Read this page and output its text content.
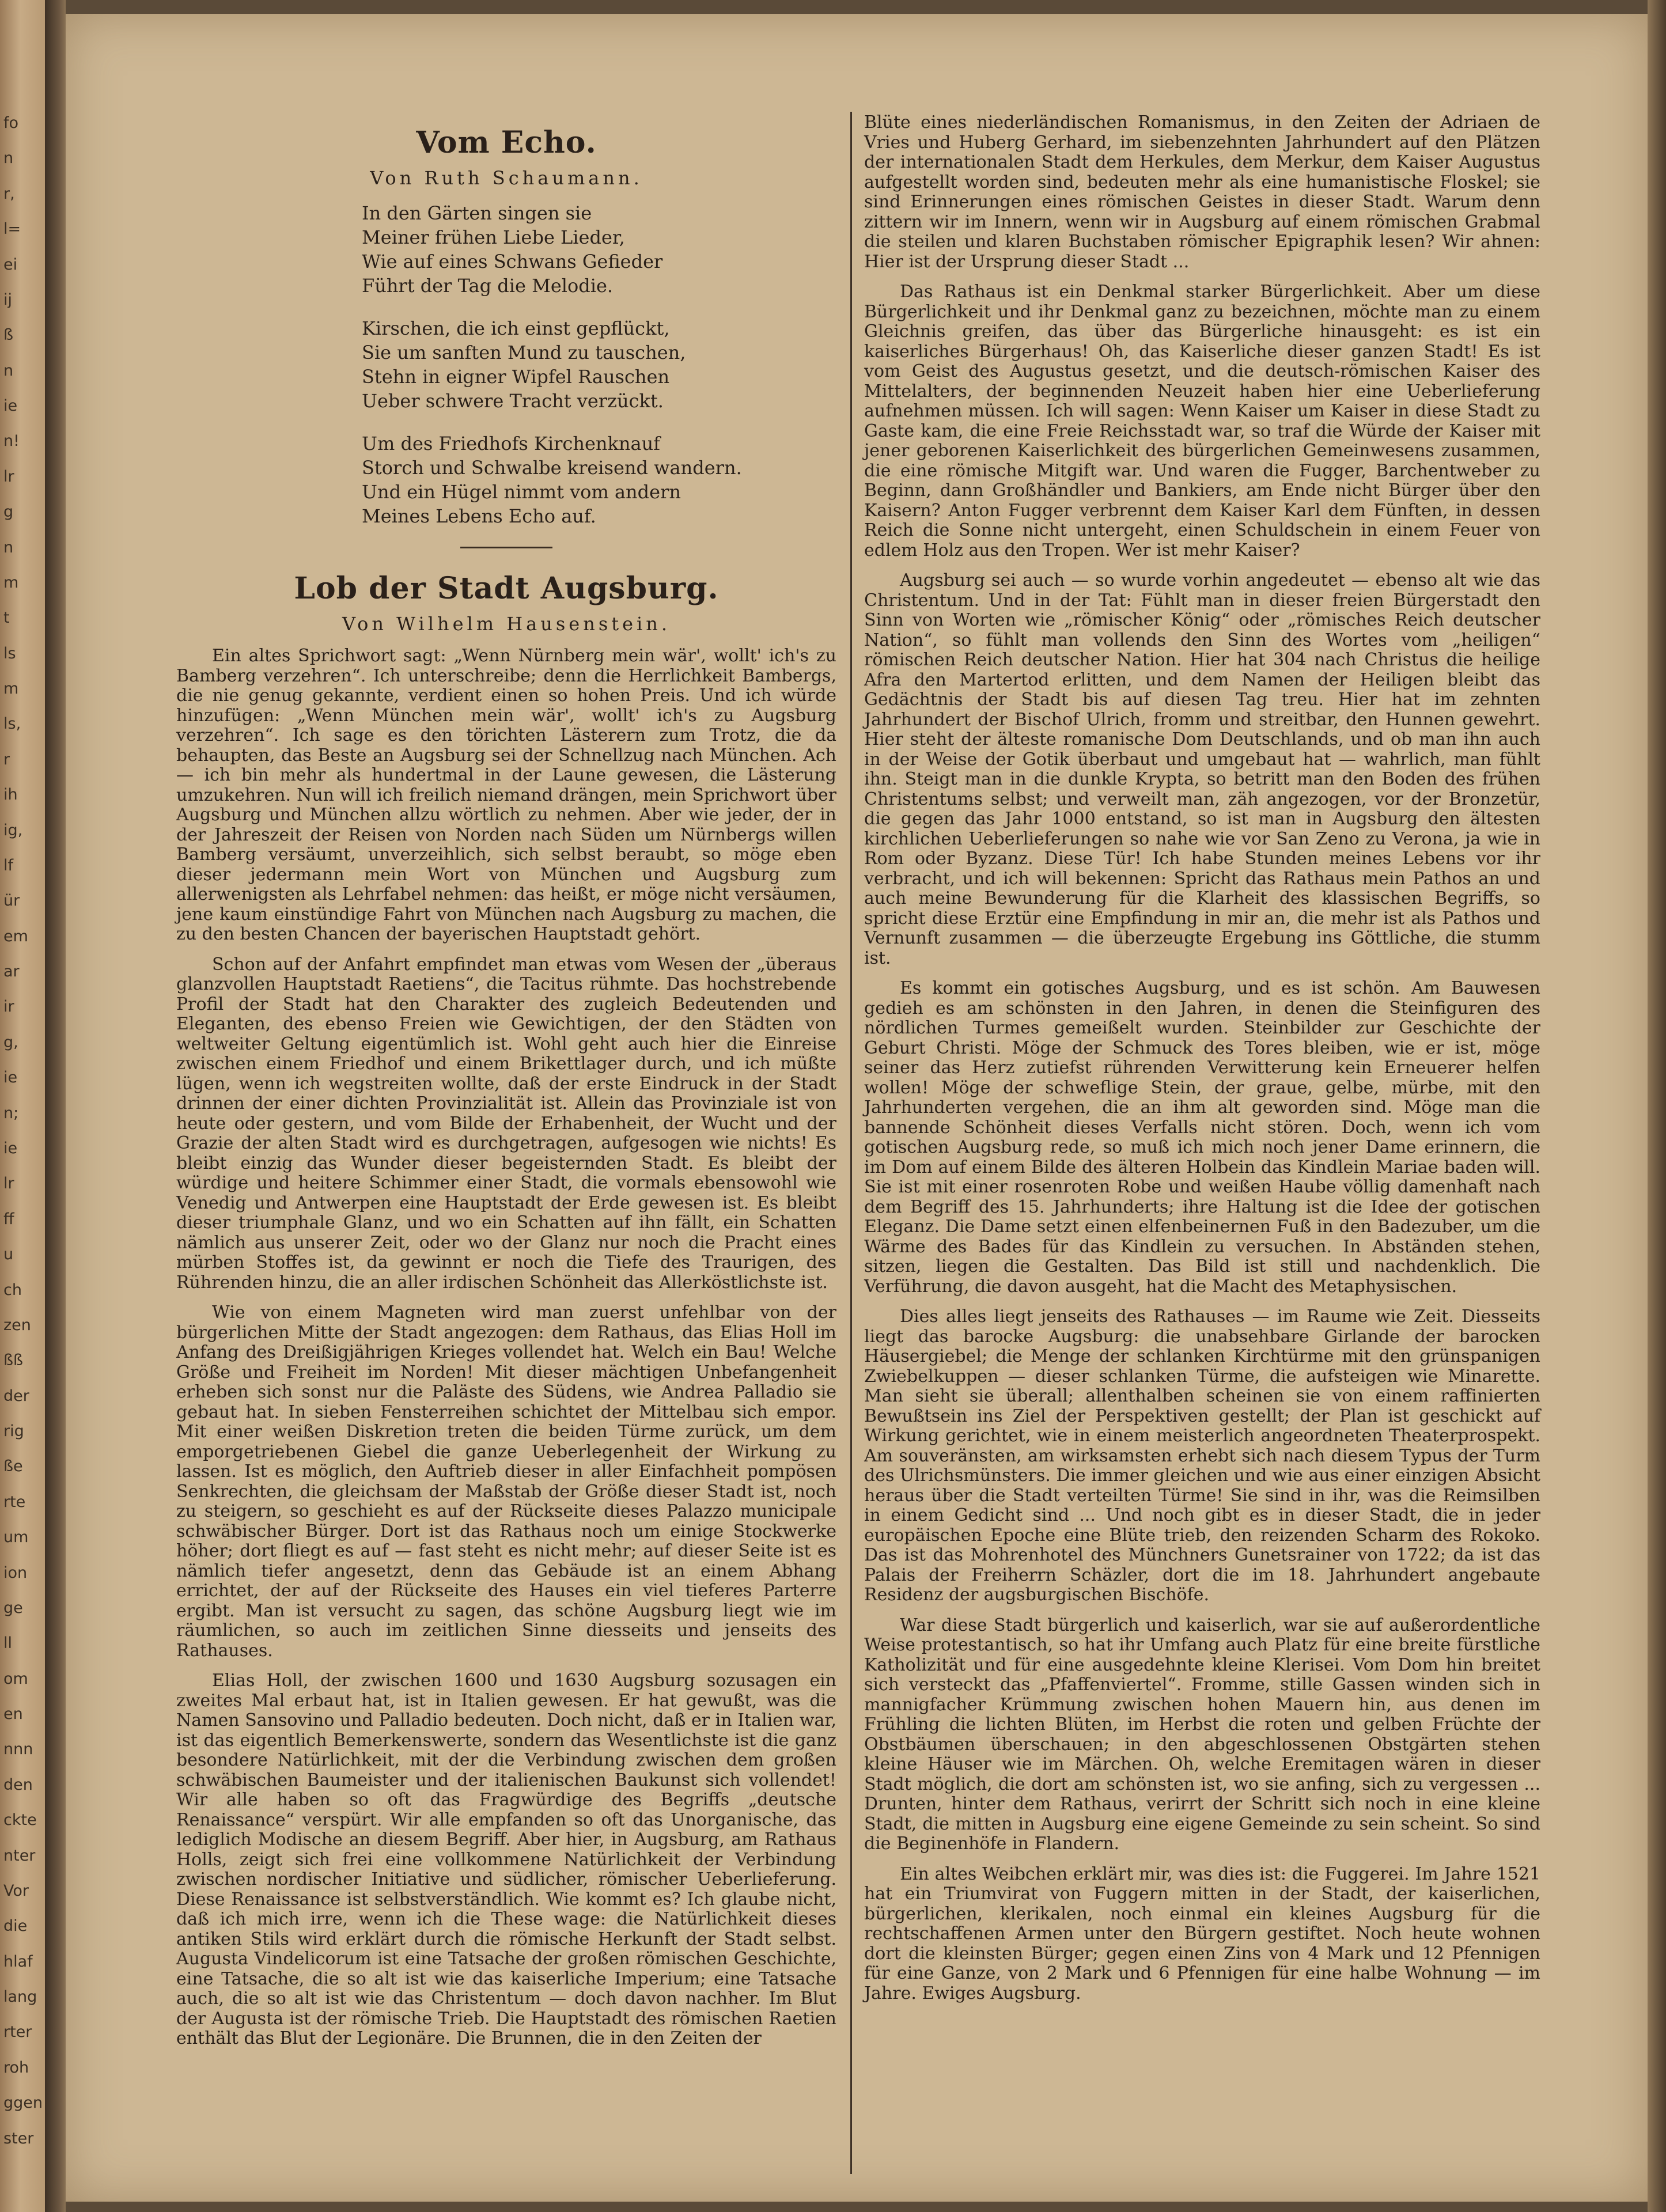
fo
n
r,
l=
ei
ij
ß
n
ie
n!
lr
g
n
m
t
ls
m
ls,
r
ih
ig,
lf
ür
em
ar
ir
g,
ie
n;
ie
lr
ff
u
ch
zen
ßß
der
rig
ße
rte
um
ion
ge
ll
om
en
nnn
den
ckte
nter
Vor
die
hlaf
lang
rter
roh
ggen
ster
Vom Echo.
Von Ruth Schaumann.

In den Gärten singen sie

Meiner frühen Liebe Lieder,

Wie auf eines Schwans Gefieder

Führt der Tag die Melodie.

Kirschen, die ich einst gepflückt,

Sie um sanften Mund zu tauschen,

Stehn in eigner Wipfel Rauschen

Ueber schwere Tracht verzückt.

Um des Friedhofs Kirchenknauf

Storch und Schwalbe kreisend wandern.

Und ein Hügel nimmt vom andern

Meines Lebens Echo auf.

Lob der Stadt Augsburg.
Von Wilhelm Hausenstein.

Ein altes Sprichwort sagt: „Wenn Nürnberg mein wär', wollt' ich's zu Bamberg verzehren“. Ich unterschreibe; denn die Herrlichkeit Bambergs, die nie genug gekannte, verdient einen so hohen Preis. Und ich würde hinzufügen: „Wenn München mein wär', wollt' ich's zu Augsburg verzehren“. Ich sage es den törichten Lästerern zum Trotz, die da behaupten, das Beste an Augsburg sei der Schnellzug nach München. Ach — ich bin mehr als hundertmal in der Laune gewesen, die Lästerung umzukehren. Nun will ich freilich niemand drängen, mein Sprichwort über Augsburg und München allzu wörtlich zu nehmen. Aber wie jeder, der in der Jahreszeit der Reisen von Norden nach Süden um Nürnbergs willen Bamberg versäumt, unverzeihlich, sich selbst beraubt, so möge eben dieser jedermann mein Wort von München und Augsburg zum allerwenigsten als Lehrfabel nehmen: das heißt, er möge nicht versäumen, jene kaum einstündige Fahrt von München nach Augsburg zu machen, die zu den besten Chancen der bayerischen Hauptstadt gehört.

Schon auf der Anfahrt empfindet man etwas vom Wesen der „überaus glanzvollen Hauptstadt Raetiens“, die Tacitus rühmte. Das hochstrebende Profil der Stadt hat den Charakter des zugleich Bedeutenden und Eleganten, des ebenso Freien wie Gewichtigen, der den Städten von weltweiter Geltung eigentümlich ist. Wohl geht auch hier die Einreise zwischen einem Friedhof und einem Brikettlager durch, und ich müßte lügen, wenn ich wegstreiten wollte, daß der erste Eindruck in der Stadt drinnen der einer dichten Provinzialität ist. Allein das Provinziale ist von heute oder gestern, und vom Bilde der Erhabenheit, der Wucht und der Grazie der alten Stadt wird es durchgetragen, aufgesogen wie nichts! Es bleibt einzig das Wunder dieser begeisternden Stadt. Es bleibt der würdige und heitere Schimmer einer Stadt, die vormals ebensowohl wie Venedig und Antwerpen eine Hauptstadt der Erde gewesen ist. Es bleibt dieser triumphale Glanz, und wo ein Schatten auf ihn fällt, ein Schatten nämlich aus unserer Zeit, oder wo der Glanz nur noch die Pracht eines mürben Stoffes ist, da gewinnt er noch die Tiefe des Traurigen, des Rührenden hinzu, die an aller irdischen Schönheit das Allerköstlichste ist.

Wie von einem Magneten wird man zuerst unfehlbar von der bürgerlichen Mitte der Stadt angezogen: dem Rathaus, das Elias Holl im Anfang des Dreißigjährigen Krieges vollendet hat. Welch ein Bau! Welche Größe und Freiheit im Norden! Mit dieser mächtigen Unbefangenheit erheben sich sonst nur die Paläste des Südens, wie Andrea Palladio sie gebaut hat. In sieben Fensterreihen schichtet der Mittelbau sich empor. Mit einer weißen Diskretion treten die beiden Türme zurück, um dem emporgetriebenen Giebel die ganze Ueberlegenheit der Wirkung zu lassen. Ist es möglich, den Auftrieb dieser in aller Einfachheit pompösen Senkrechten, die gleichsam der Maßstab der Größe dieser Stadt ist, noch zu steigern, so geschieht es auf der Rückseite dieses Palazzo municipale schwäbischer Bürger. Dort ist das Rathaus noch um einige Stockwerke höher; dort fliegt es auf — fast steht es nicht mehr; auf dieser Seite ist es nämlich tiefer angesetzt, denn das Gebäude ist an einem Abhang errichtet, der auf der Rückseite des Hauses ein viel tieferes Parterre ergibt. Man ist versucht zu sagen, das schöne Augsburg liegt wie im räumlichen, so auch im zeitlichen Sinne diesseits und jenseits des Rathauses.

Elias Holl, der zwischen 1600 und 1630 Augsburg sozusagen ein zweites Mal erbaut hat, ist in Italien gewesen. Er hat gewußt, was die Namen Sansovino und Palladio bedeuten. Doch nicht, daß er in Italien war, ist das eigentlich Bemerkenswerte, sondern das Wesentlichste ist die ganz besondere Natürlichkeit, mit der die Verbindung zwischen dem großen schwäbischen Baumeister und der italienischen Baukunst sich vollendet! Wir alle haben so oft das Fragwürdige des Begriffs „deutsche Renaissance“ verspürt. Wir alle empfanden so oft das Unorganische, das lediglich Modische an diesem Begriff. Aber hier, in Augsburg, am Rathaus Holls, zeigt sich frei eine vollkommene Natürlichkeit der Verbindung zwischen nordischer Initiative und südlicher, römischer Ueberlieferung. Diese Renaissance ist selbstverständlich. Wie kommt es? Ich glaube nicht, daß ich mich irre, wenn ich die These wage: die Natürlichkeit dieses antiken Stils wird erklärt durch die römische Herkunft der Stadt selbst. Augusta Vindelicorum ist eine Tatsache der großen römischen Geschichte, eine Tatsache, die so alt ist wie das kaiserliche Imperium; eine Tatsache auch, die so alt ist wie das Christentum — doch davon nachher. Im Blut der Augusta ist der römische Trieb. Die Hauptstadt des römischen Raetien enthält das Blut der Legionäre. Die Brunnen, die in den Zeiten der

Blüte eines niederländischen Romanismus, in den Zeiten der Adriaen de Vries und Huberg Gerhard, im siebenzehnten Jahrhundert auf den Plätzen der internationalen Stadt dem Herkules, dem Merkur, dem Kaiser Augustus aufgestellt worden sind, bedeuten mehr als eine humanistische Floskel; sie sind Erinnerungen eines römischen Geistes in dieser Stadt. Warum denn zittern wir im Innern, wenn wir in Augsburg auf einem römischen Grabmal die steilen und klaren Buchstaben römischer Epigraphik lesen? Wir ahnen: Hier ist der Ursprung dieser Stadt ...

Das Rathaus ist ein Denkmal starker Bürgerlichkeit. Aber um diese Bürgerlichkeit und ihr Denkmal ganz zu bezeichnen, möchte man zu einem Gleichnis greifen, das über das Bürgerliche hinausgeht: es ist ein kaiserliches Bürgerhaus! Oh, das Kaiserliche dieser ganzen Stadt! Es ist vom Geist des Augustus gesetzt, und die deutsch-römischen Kaiser des Mittelalters, der beginnenden Neuzeit haben hier eine Ueberlieferung aufnehmen müssen. Ich will sagen: Wenn Kaiser um Kaiser in diese Stadt zu Gaste kam, die eine Freie Reichsstadt war, so traf die Würde der Kaiser mit jener geborenen Kaiserlichkeit des bürgerlichen Gemeinwesens zusammen, die eine römische Mitgift war. Und waren die Fugger, Barchentweber zu Beginn, dann Großhändler und Bankiers, am Ende nicht Bürger über den Kaisern? Anton Fugger verbrennt dem Kaiser Karl dem Fünften, in dessen Reich die Sonne nicht untergeht, einen Schuldschein in einem Feuer von edlem Holz aus den Tropen. Wer ist mehr Kaiser?

Augsburg sei auch — so wurde vorhin angedeutet — ebenso alt wie das Christentum. Und in der Tat: Fühlt man in dieser freien Bürgerstadt den Sinn von Worten wie „römischer König“ oder „römisches Reich deutscher Nation“, so fühlt man vollends den Sinn des Wortes vom „heiligen“ römischen Reich deutscher Nation. Hier hat 304 nach Christus die heilige Afra den Martertod erlitten, und dem Namen der Heiligen bleibt das Gedächtnis der Stadt bis auf diesen Tag treu. Hier hat im zehnten Jahrhundert der Bischof Ulrich, fromm und streitbar, den Hunnen gewehrt. Hier steht der älteste romanische Dom Deutschlands, und ob man ihn auch in der Weise der Gotik überbaut und umgebaut hat — wahrlich, man fühlt ihn. Steigt man in die dunkle Krypta, so betritt man den Boden des frühen Christentums selbst; und verweilt man, zäh angezogen, vor der Bronzetür, die gegen das Jahr 1000 entstand, so ist man in Augsburg den ältesten kirchlichen Ueberlieferungen so nahe wie vor San Zeno zu Verona, ja wie in Rom oder Byzanz. Diese Tür! Ich habe Stunden meines Lebens vor ihr verbracht, und ich will bekennen: Spricht das Rathaus mein Pathos an und auch meine Bewunderung für die Klarheit des klassischen Begriffs, so spricht diese Erztür eine Empfindung in mir an, die mehr ist als Pathos und Vernunft zusammen — die überzeugte Ergebung ins Göttliche, die stumm ist.

Es kommt ein gotisches Augsburg, und es ist schön. Am Bauwesen gedieh es am schönsten in den Jahren, in denen die Steinfiguren des nördlichen Turmes gemeißelt wurden. Steinbilder zur Geschichte der Geburt Christi. Möge der Schmuck des Tores bleiben, wie er ist, möge seiner das Herz zutiefst rührenden Verwitterung kein Erneuerer helfen wollen! Möge der schweflige Stein, der graue, gelbe, mürbe, mit den Jahrhunderten vergehen, die an ihm alt geworden sind. Möge man die bannende Schönheit dieses Verfalls nicht stören. Doch, wenn ich vom gotischen Augsburg rede, so muß ich mich noch jener Dame erinnern, die im Dom auf einem Bilde des älteren Holbein das Kindlein Mariae baden will. Sie ist mit einer rosenroten Robe und weißen Haube völlig damenhaft nach dem Begriff des 15. Jahrhunderts; ihre Haltung ist die Idee der gotischen Eleganz. Die Dame setzt einen elfenbeinernen Fuß in den Badezuber, um die Wärme des Bades für das Kindlein zu versuchen. In Abständen stehen, sitzen, liegen die Gestalten. Das Bild ist still und nachdenklich. Die Verführung, die davon ausgeht, hat die Macht des Metaphysischen.

Dies alles liegt jenseits des Rathauses — im Raume wie Zeit. Diesseits liegt das barocke Augsburg: die unabsehbare Girlande der barocken Häusergiebel; die Menge der schlanken Kirchtürme mit den grünspanigen Zwiebelkuppen — dieser schlanken Türme, die aufsteigen wie Minarette. Man sieht sie überall; allenthalben scheinen sie von einem raffinierten Bewußtsein ins Ziel der Perspektiven gestellt; der Plan ist geschickt auf Wirkung gerichtet, wie in einem meisterlich angeordneten Theaterprospekt. Am souveränsten, am wirksamsten erhebt sich nach diesem Typus der Turm des Ulrichsmünsters. Die immer gleichen und wie aus einer einzigen Absicht heraus über die Stadt verteilten Türme! Sie sind in ihr, was die Reimsilben in einem Gedicht sind ... Und noch gibt es in dieser Stadt, die in jeder europäischen Epoche eine Blüte trieb, den reizenden Scharm des Rokoko. Das ist das Mohrenhotel des Münchners Gunetsrainer von 1722; da ist das Palais der Freiherrn Schäzler, dort die im 18. Jahrhundert angebaute Residenz der augsburgischen Bischöfe.

War diese Stadt bürgerlich und kaiserlich, war sie auf außerordentliche Weise protestantisch, so hat ihr Umfang auch Platz für eine breite fürstliche Katholizität und für eine ausgedehnte kleine Klerisei. Vom Dom hin breitet sich versteckt das „Pfaffenviertel“. Fromme, stille Gassen winden sich in mannigfacher Krümmung zwischen hohen Mauern hin, aus denen im Frühling die lichten Blüten, im Herbst die roten und gelben Früchte der Obstbäumen überschauen; in den abgeschlossenen Obstgärten stehen kleine Häuser wie im Märchen. Oh, welche Eremitagen wären in dieser Stadt möglich, die dort am schönsten ist, wo sie anfing, sich zu vergessen ... Drunten, hinter dem Rathaus, verirrt der Schritt sich noch in eine kleine Stadt, die mitten in Augsburg eine eigene Gemeinde zu sein scheint. So sind die Beginenhöfe in Flandern.

Ein altes Weibchen erklärt mir, was dies ist: die Fuggerei. Im Jahre 1521 hat ein Triumvirat von Fuggern mitten in der Stadt, der kaiserlichen, bürgerlichen, klerikalen, noch einmal ein kleines Augsburg für die rechtschaffenen Armen unter den Bürgern gestiftet. Noch heute wohnen dort die kleinsten Bürger; gegen einen Zins von 4 Mark und 12 Pfennigen für eine Ganze, von 2 Mark und 6 Pfennigen für eine halbe Wohnung — im Jahre. Ewiges Augsburg.
